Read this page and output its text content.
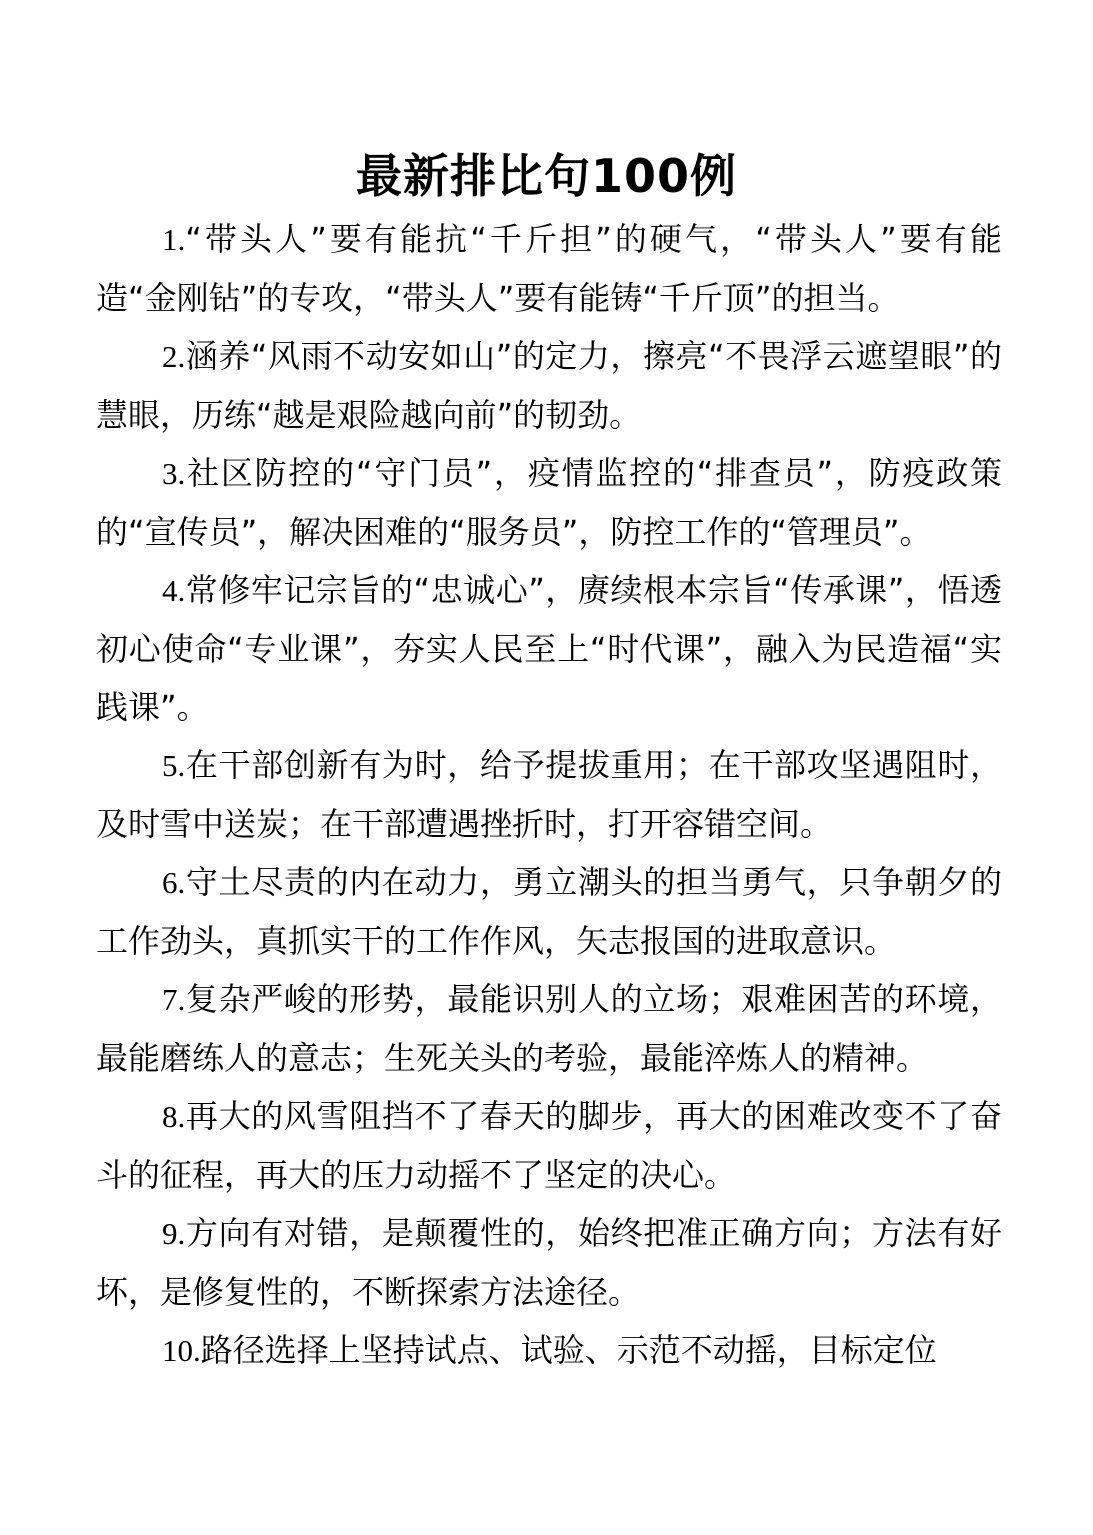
最新排比句100例

1.“带头人”要有能抗“千斤担”的硬气，“带头人”要有能造“金刚钻”的专攻，“带头人”要有能铸“千斤顶”的担当。

2.涵养“风雨不动安如山”的定力，擦亮“不畏浮云遮望眼”的慧眼，历练“越是艰险越向前”的韧劲。

3.社区防控的“守门员”，疫情监控的“排查员”，防疫政策的“宣传员”，解决困难的“服务员”，防控工作的“管理员”。

4.常修牢记宗旨的“忠诚心”，赓续根本宗旨“传承课”，悟透初心使命“专业课”，夯实人民至上“时代课”，融入为民造福“实践课”。

5.在干部创新有为时，给予提拔重用；在干部攻坚遇阻时，及时雪中送炭；在干部遭遇挫折时，打开容错空间。

6.守土尽责的内在动力，勇立潮头的担当勇气，只争朝夕的工作劲头，真抓实干的工作作风，矢志报国的进取意识。

7.复杂严峻的形势，最能识别人的立场；艰难困苦的环境，最能磨练人的意志；生死关头的考验，最能淬炼人的精神。

8.再大的风雪阻挡不了春天的脚步，再大的困难改变不了奋斗的征程，再大的压力动摇不了坚定的决心。

9.方向有对错，是颠覆性的，始终把准正确方向；方法有好坏，是修复性的，不断探索方法途径。

10.路径选择上坚持试点、试验、示范不动摇，目标定位
